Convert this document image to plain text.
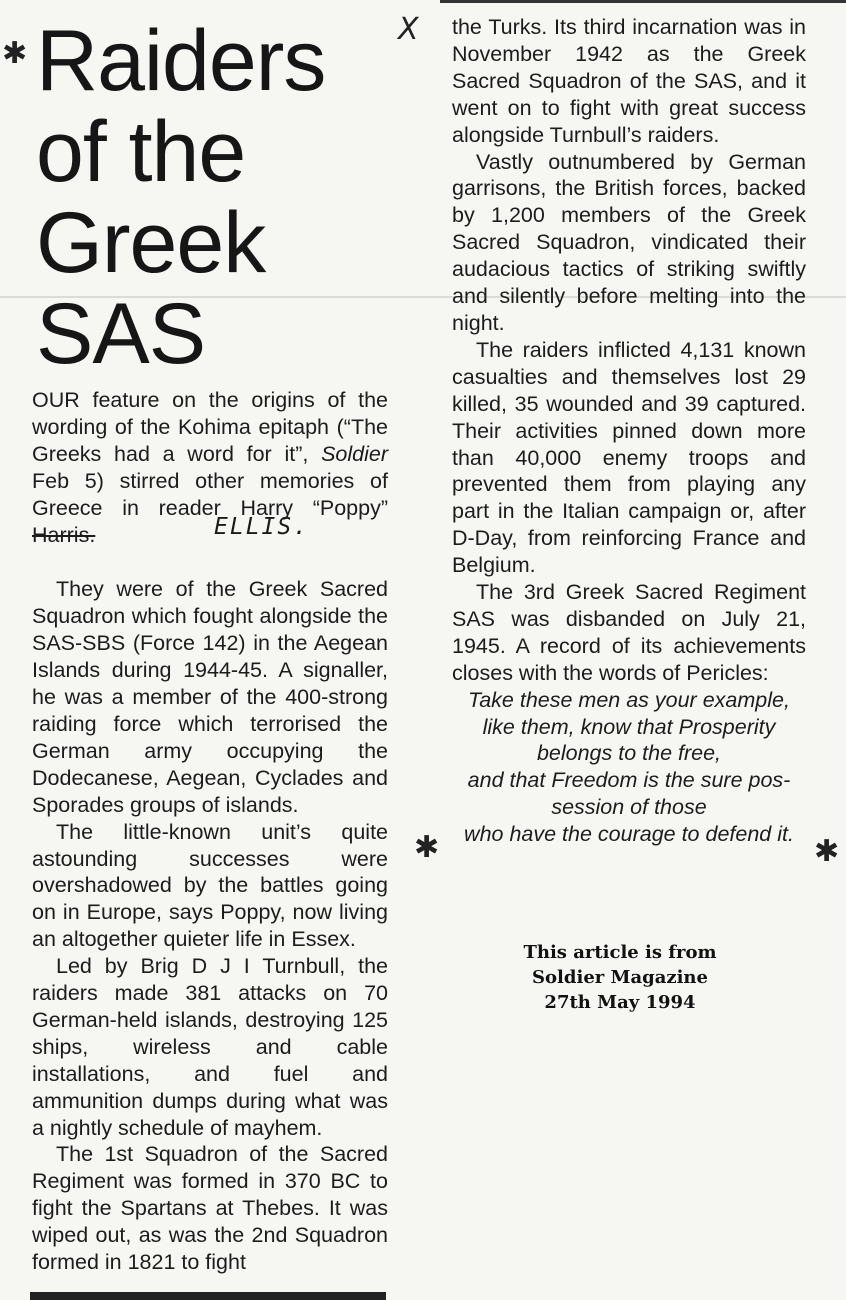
Raiders
of the
Greek
SAS

OUR feature on the origins of the wording of the Kohima epitaph (“The Greeks had a word for it”, Soldier Feb 5) stirred other memories of Greece in reader Harry “Poppy” Harris.

They were of the Greek Sacred Squadron which fought alongside the SAS-SBS (Force 142) in the Aegean Islands during 1944-45. A signaller, he was a member of the 400-strong raiding force which terrorised the German army occupying the Dodecanese, Aegean, Cyclades and Sporades groups of islands.

The little-known unit’s quite astounding successes were overshadowed by the battles going on in Europe, says Poppy, now living an altogether quieter life in Essex.

Led by Brig D J I Turnbull, the raiders made 381 attacks on 70 German-held islands, destroying 125 ships, wireless and cable installations, and fuel and ammunition dumps during what was a nightly schedule of mayhem.

The 1st Squadron of the Sacred Regiment was formed in 370 BC to fight the Spartans at Thebes. It was wiped out, as was the 2nd Squadron formed in 1821 to fight

ELLIS.

the Turks. Its third incarnation was in November 1942 as the Greek Sacred Squadron of the SAS, and it went on to fight with great success alongside Turnbull’s raiders.

Vastly outnumbered by German garrisons, the British forces, backed by 1,200 members of the Greek Sacred Squadron, vindicated their audacious tactics of striking swiftly and silently before melting into the night.

The raiders inflicted 4,131 known casualties and themselves lost 29 killed, 35 wounded and 39 captured. Their activities pinned down more than 40,000 enemy troops and prevented them from playing any part in the Italian campaign or, after D-Day, from reinforcing France and Belgium.

The 3rd Greek Sacred Regiment SAS was disbanded on July 21, 1945. A record of its achievements closes with the words of Pericles:

Take these men as your example,
like them, know that Prosperity
belongs to the free,
and that Freedom is the sure pos-
session of those
who have the courage to defend it.
This article is from
Soldier Magazine
27th May 1994
✱
X
✱	✱
